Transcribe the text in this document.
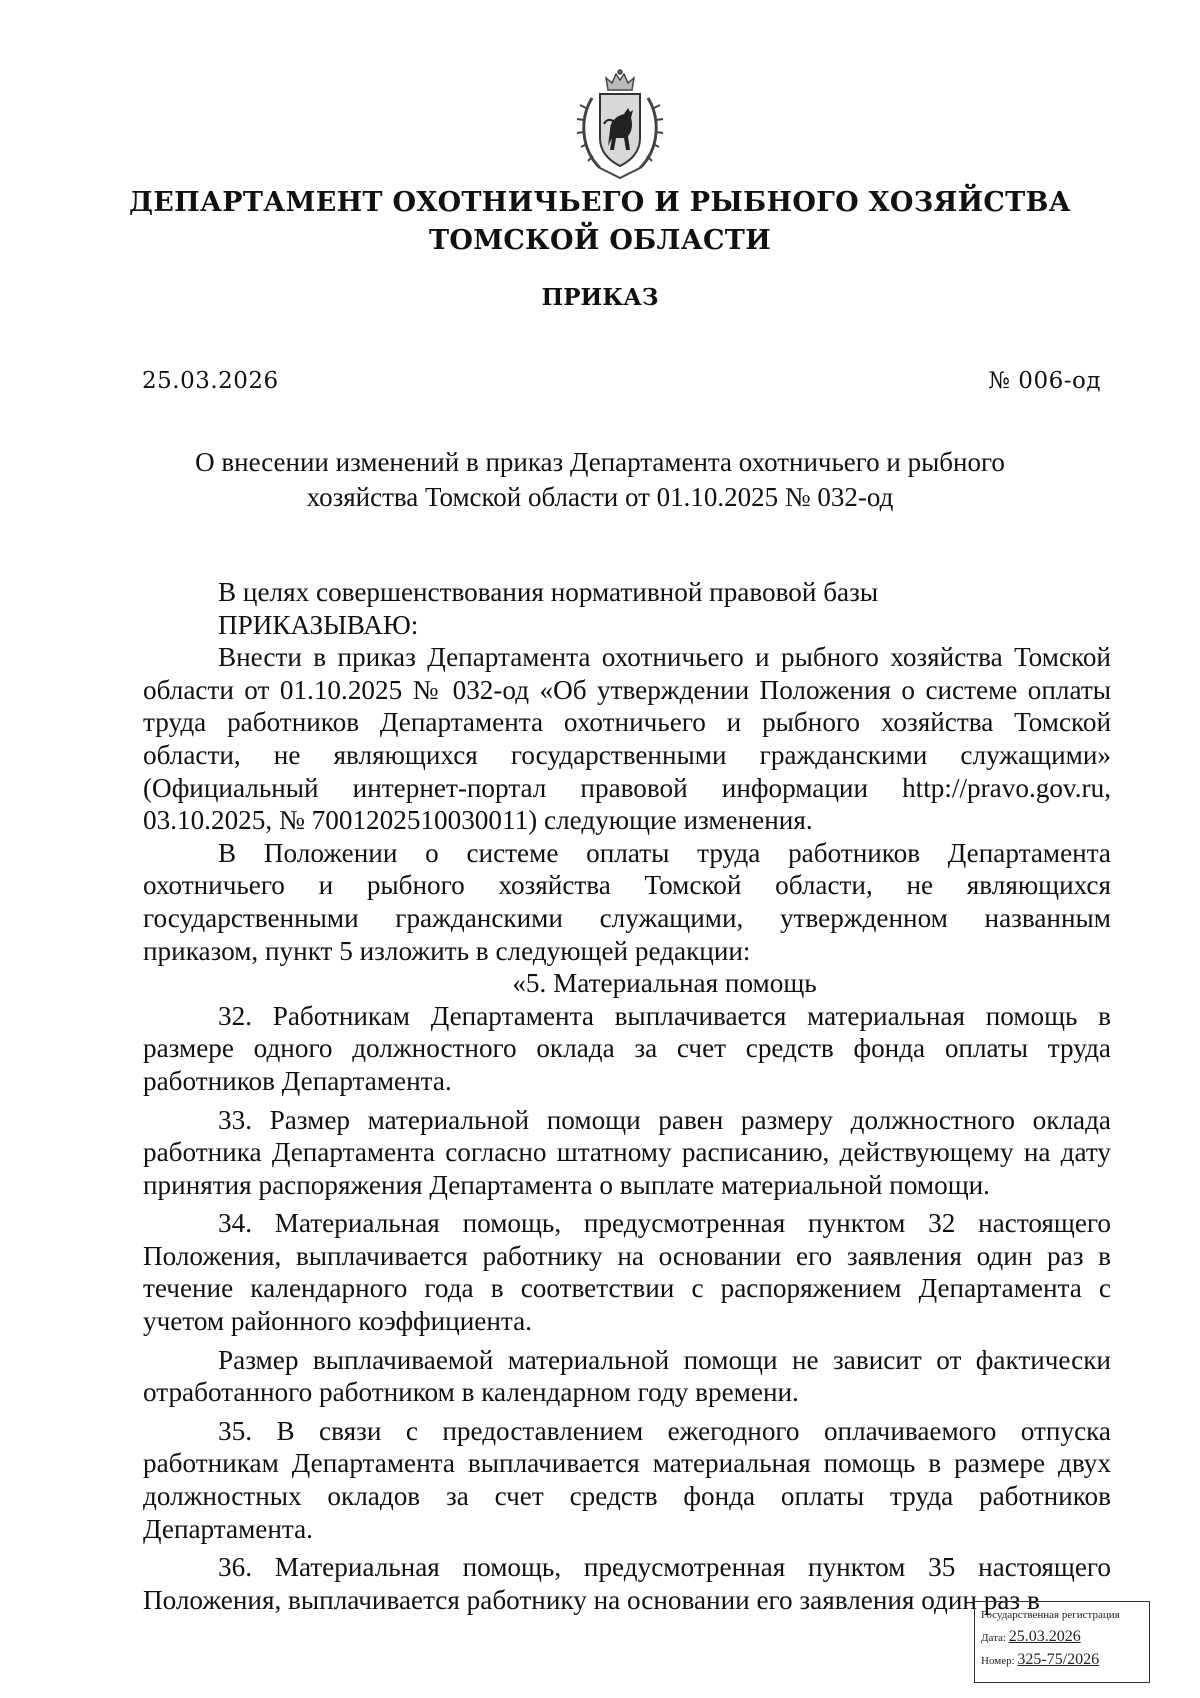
ДЕПАРТАМЕНТ ОХОТНИЧЬЕГО И РЫБНОГО ХОЗЯЙСТВА
ТОМСКОЙ ОБЛАСТИ
ПРИКАЗ
25.03.2026	№ 006-од
О внесении изменений в приказ Департамента охотничьего и рыбного
хозяйства Томской области от 01.10.2025 № 032-од

В целях совершенствования нормативной правовой базы

ПРИКАЗЫВАЮ:

Внести в приказ Департамента охотничьего и рыбного хозяйства Томской области от 01.10.2025 № 032-од «Об утверждении Положения о системе оплаты труда работников Департамента охотничьего и рыбного хозяйства Томской области, не являющихся государственными гражданскими служащими» (Официальный интернет-портал правовой информации http://pravo.gov.ru, 03.10.2025, № 7001202510030011) следующие изменения.

В Положении о системе оплаты труда работников Департамента охотничьего и рыбного хозяйства Томской области, не являющихся государственными гражданскими служащими, утвержденном названным приказом, пункт 5 изложить в следующей редакции:

«5. Материальная помощь

32. Работникам Департамента выплачивается материальная помощь в размере одного должностного оклада за счет средств фонда оплаты труда работников Департамента.

33. Размер материальной помощи равен размеру должностного оклада работника Департамента согласно штатному расписанию, действующему на дату принятия распоряжения Департамента о выплате материальной помощи.

34. Материальная помощь, предусмотренная пунктом 32 настоящего Положения, выплачивается работнику на основании его заявления один раз в течение календарного года в соответствии с распоряжением Департамента с учетом районного коэффициента.

Размер выплачиваемой материальной помощи не зависит от фактически отработанного работником в календарном году времени.

35. В связи с предоставлением ежегодного оплачиваемого отпуска работникам Департамента выплачивается материальная помощь в размере двух должностных окладов за счет средств фонда оплаты труда работников Департамента.

36. Материальная помощь, предусмотренная пунктом 35 настоящего Положения, выплачивается работнику на основании его заявления один раз в

Государственная регистрация
Дата: 25.03.2026
Номер: 325-75/2026
